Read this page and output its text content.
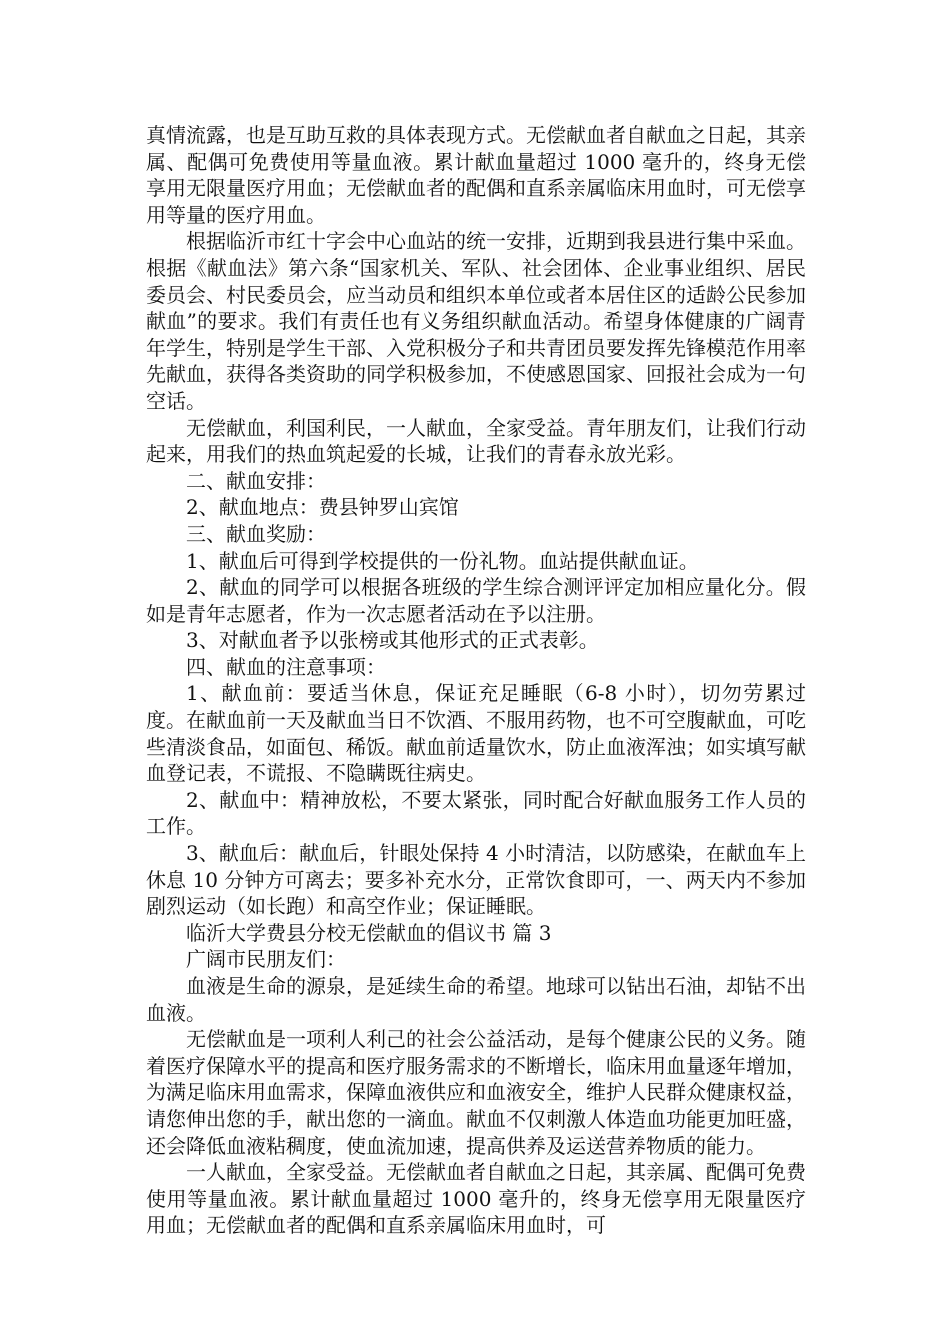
真情流露，也是互助互救的具体表现方式。无偿献血者自献血之日起，其亲属、配偶可免费使用等量血液。累计献血量超过 1000 毫升的，终身无偿享用无限量医疗用血；无偿献血者的配偶和直系亲属临床用血时，可无偿享用等量的医疗用血。

根据临沂市红十字会中心血站的统一安排，近期到我县进行集中采血。根据《献血法》第六条“国家机关、军队、社会团体、企业事业组织、居民委员会、村民委员会，应当动员和组织本单位或者本居住区的适龄公民参加献血”的要求。我们有责任也有义务组织献血活动。希望身体健康的广阔青年学生，特别是学生干部、入党积极分子和共青团员要发挥先锋模范作用率先献血，获得各类资助的同学积极参加，不使感恩国家、回报社会成为一句空话。

无偿献血，利国利民，一人献血，全家受益。青年朋友们，让我们行动起来，用我们的热血筑起爱的长城，让我们的青春永放光彩。

二、献血安排：

2、献血地点：费县钟罗山宾馆

三、献血奖励：

1、献血后可得到学校提供的一份礼物。血站提供献血证。

2、献血的同学可以根据各班级的学生综合测评评定加相应量化分。假如是青年志愿者，作为一次志愿者活动在予以注册。

3、对献血者予以张榜或其他形式的正式表彰。

四、献血的注意事项：

1、献血前：要适当休息，保证充足睡眠（6-8 小时），切勿劳累过度。在献血前一天及献血当日不饮酒、不服用药物，也不可空腹献血，可吃些清淡食品，如面包、稀饭。献血前适量饮水，防止血液浑浊；如实填写献血登记表，不谎报、不隐瞒既往病史。

2、献血中：精神放松，不要太紧张，同时配合好献血服务工作人员的工作。

3、献血后：献血后，针眼处保持 4 小时清洁，以防感染，在献血车上休息 10 分钟方可离去；要多补充水分，正常饮食即可，一、两天内不参加剧烈运动（如长跑）和高空作业；保证睡眠。

临沂大学费县分校无偿献血的倡议书 篇 3

广阔市民朋友们：

血液是生命的源泉，是延续生命的希望。地球可以钻出石油，却钻不出血液。

无偿献血是一项利人利己的社会公益活动，是每个健康公民的义务。随着医疗保障水平的提高和医疗服务需求的不断增长，临床用血量逐年增加，为满足临床用血需求，保障血液供应和血液安全，维护人民群众健康权益，请您伸出您的手，献出您的一滴血。献血不仅刺激人体造血功能更加旺盛，还会降低血液粘稠度，使血流加速，提高供养及运送营养物质的能力。

一人献血，全家受益。无偿献血者自献血之日起，其亲属、配偶可免费使用等量血液。累计献血量超过 1000 毫升的，终身无偿享用无限量医疗用血；无偿献血者的配偶和直系亲属临床用血时，可
